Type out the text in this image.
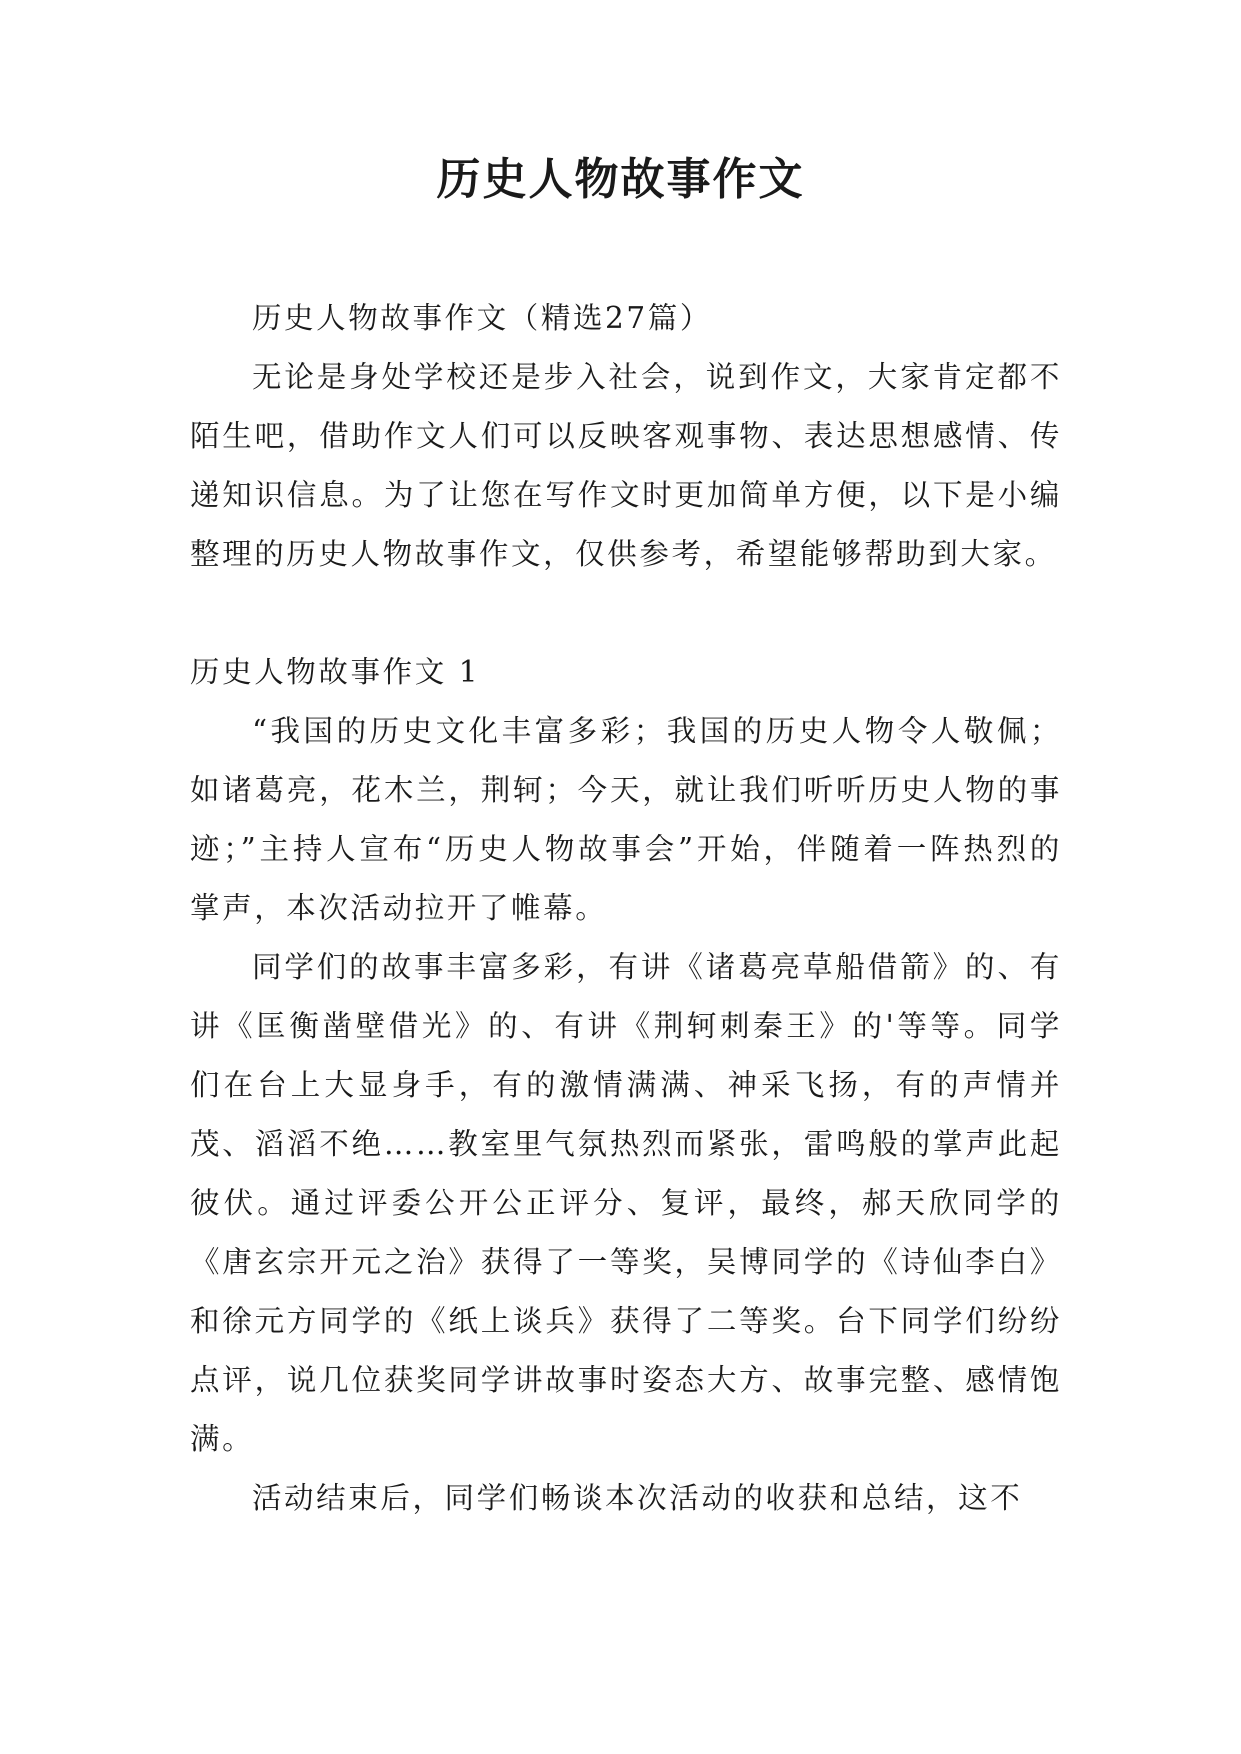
历史人物故事作文

历史人物故事作文（精选27篇）

无论是身处学校还是步入社会，说到作文，大家肯定都不陌生吧，借助作文人们可以反映客观事物、表达思想感情、传递知识信息。为了让您在写作文时更加简单方便，以下是小编整理的历史人物故事作文，仅供参考，希望能够帮助到大家。

历史人物故事作文 1

“我国的历史文化丰富多彩；我国的历史人物令人敬佩；如诸葛亮，花木兰，荆轲；今天，就让我们听听历史人物的事迹；”主持人宣布“历史人物故事会”开始，伴随着一阵热烈的掌声，本次活动拉开了帷幕。

同学们的故事丰富多彩，有讲《诸葛亮草船借箭》的、有讲《匡衡凿壁借光》的、有讲《荆轲刺秦王》的'等等。同学们在台上大显身手，有的激情满满、神采飞扬，有的声情并茂、滔滔不绝……教室里气氛热烈而紧张，雷鸣般的掌声此起彼伏。通过评委公开公正评分、复评，最终，郝天欣同学的《唐玄宗开元之治》获得了一等奖，吴博同学的《诗仙李白》和徐元方同学的《纸上谈兵》获得了二等奖。台下同学们纷纷点评，说几位获奖同学讲故事时姿态大方、故事完整、感情饱满。

活动结束后，同学们畅谈本次活动的收获和总结，这不
